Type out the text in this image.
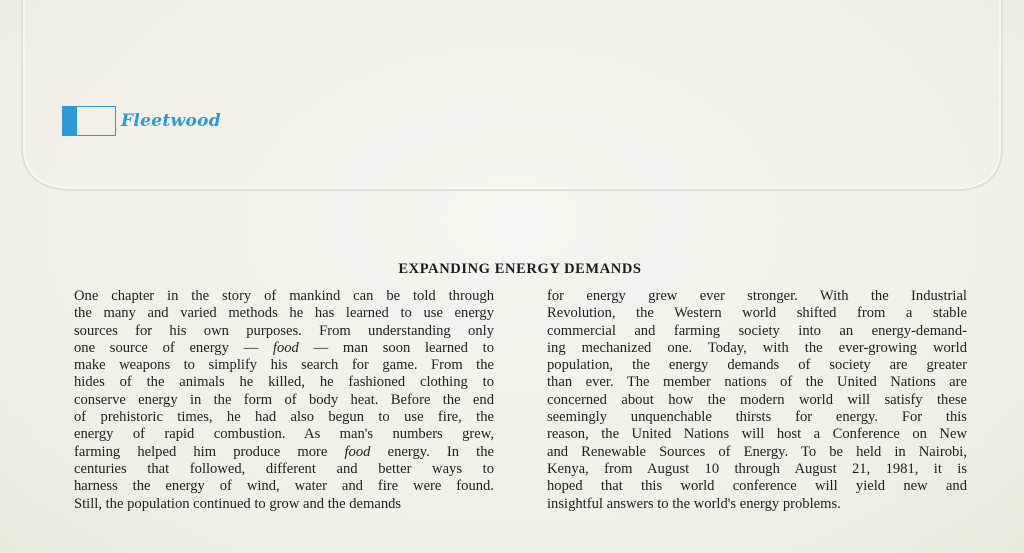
Fleetwood
EXPANDING ENERGY DEMANDS
One chapter in the story of mankind can be told through
the many and varied methods he has learned to use energy
sources for his own purposes. From understanding only
one source of energy — food — man soon learned to
make weapons to simplify his search for game. From the
hides of the animals he killed, he fashioned clothing to
conserve energy in the form of body heat. Before the end
of prehistoric times, he had also begun to use fire, the
energy of rapid combustion. As man's numbers grew,
farming helped him produce more food energy. In the
centuries that followed, different and better ways to
harness the energy of wind, water and fire were found.
Still, the population continued to grow and the demands
for energy grew ever stronger. With the Industrial
Revolution, the Western world shifted from a stable
commercial and farming society into an energy-demand-
ing mechanized one. Today, with the ever-growing world
population, the energy demands of society are greater
than ever. The member nations of the United Nations are
concerned about how the modern world will satisfy these
seemingly unquenchable thirsts for energy. For this
reason, the United Nations will host a Conference on New
and Renewable Sources of Energy. To be held in Nairobi,
Kenya, from August 10 through August 21, 1981, it is
hoped that this world conference will yield new and
insightful answers to the world's energy problems.
